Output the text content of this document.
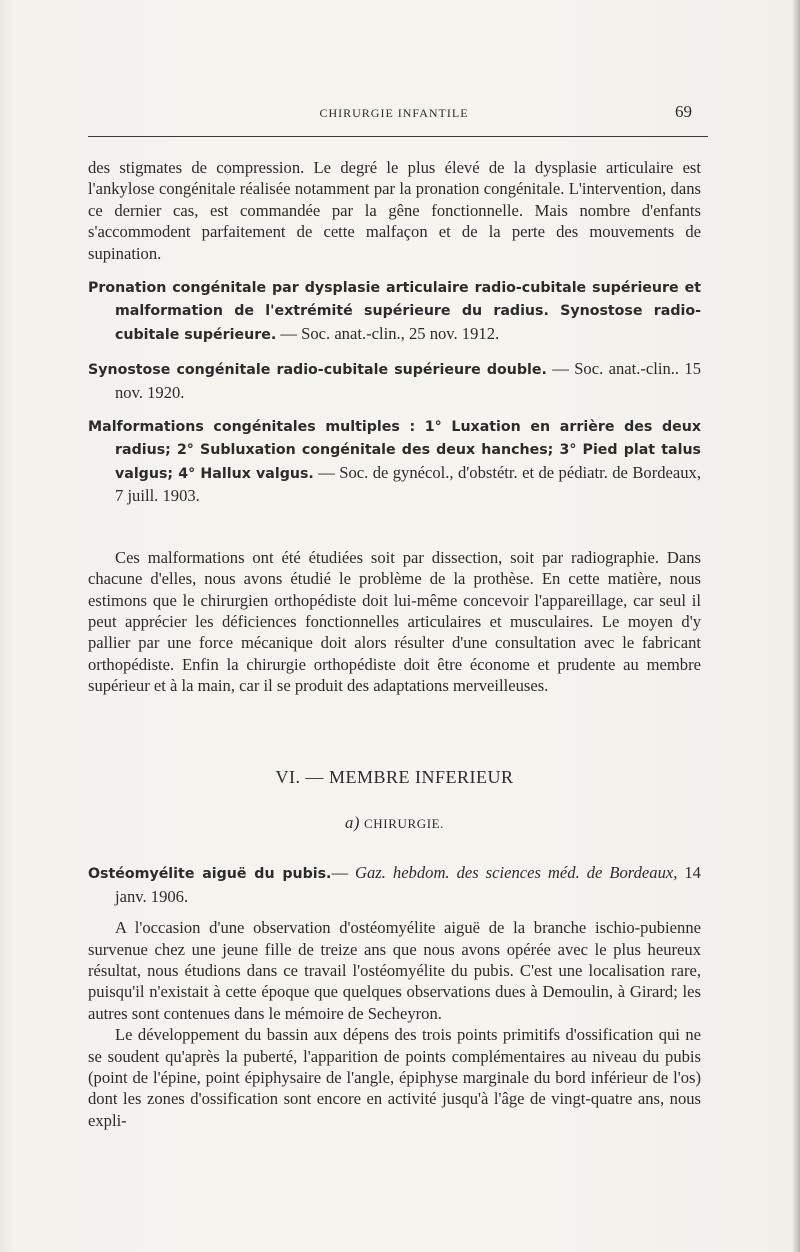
CHIRURGIE INFANTILE	69

des stigmates de compression. Le degré le plus élevé de la dysplasie articulaire est l'ankylose congénitale réalisée notamment par la pronation congénitale. L'intervention, dans ce dernier cas, est commandée par la gêne fonctionnelle. Mais nombre d'enfants s'accommodent parfaitement de cette malfaçon et de la perte des mouvements de supination.

Pronation congénitale par dysplasie articulaire radio-cubitale supérieure et malformation de l'extrémité supérieure du radius. Synostose radio-cubitale supérieure. — Soc. anat.-clin., 25 nov. 1912.

Synostose congénitale radio-cubitale supérieure double. — Soc. anat.-clin.. 15 nov. 1920.

Malformations congénitales multiples : 1° Luxation en arrière des deux radius; 2° Subluxation congénitale des deux hanches; 3° Pied plat talus valgus; 4° Hallux valgus. — Soc. de gynécol., d'obstétr. et de pédiatr. de Bordeaux, 7 juill. 1903.

Ces malformations ont été étudiées soit par dissection, soit par radiographie. Dans chacune d'elles, nous avons étudié le problème de la prothèse. En cette matière, nous estimons que le chirurgien orthopédiste doit lui-même concevoir l'appareillage, car seul il peut apprécier les déficiences fonctionnelles articulaires et musculaires. Le moyen d'y pallier par une force mécanique doit alors résulter d'une consultation avec le fabricant orthopédiste. Enfin la chirurgie orthopédiste doit être économe et prudente au membre supérieur et à la main, car il se produit des adaptations merveilleuses.

VI. — MEMBRE INFERIEUR

a) CHIRURGIE.

Ostéomyélite aiguë du pubis.— Gaz. hebdom. des sciences méd. de Bordeaux, 14 janv. 1906.

A l'occasion d'une observation d'ostéomyélite aiguë de la branche ischio-pubienne survenue chez une jeune fille de treize ans que nous avons opérée avec le plus heureux résultat, nous étudions dans ce travail l'ostéomyélite du pubis. C'est une localisation rare, puisqu'il n'existait à cette époque que quelques observations dues à Demoulin, à Girard; les autres sont contenues dans le mémoire de Secheyron.

Le développement du bassin aux dépens des trois points primitifs d'ossification qui ne se soudent qu'après la puberté, l'apparition de points complémentaires au niveau du pubis (point de l'épine, point épiphysaire de l'angle, épiphyse marginale du bord inférieur de l'os) dont les zones d'ossification sont encore en activité jusqu'à l'âge de vingt-quatre ans, nous expli-
